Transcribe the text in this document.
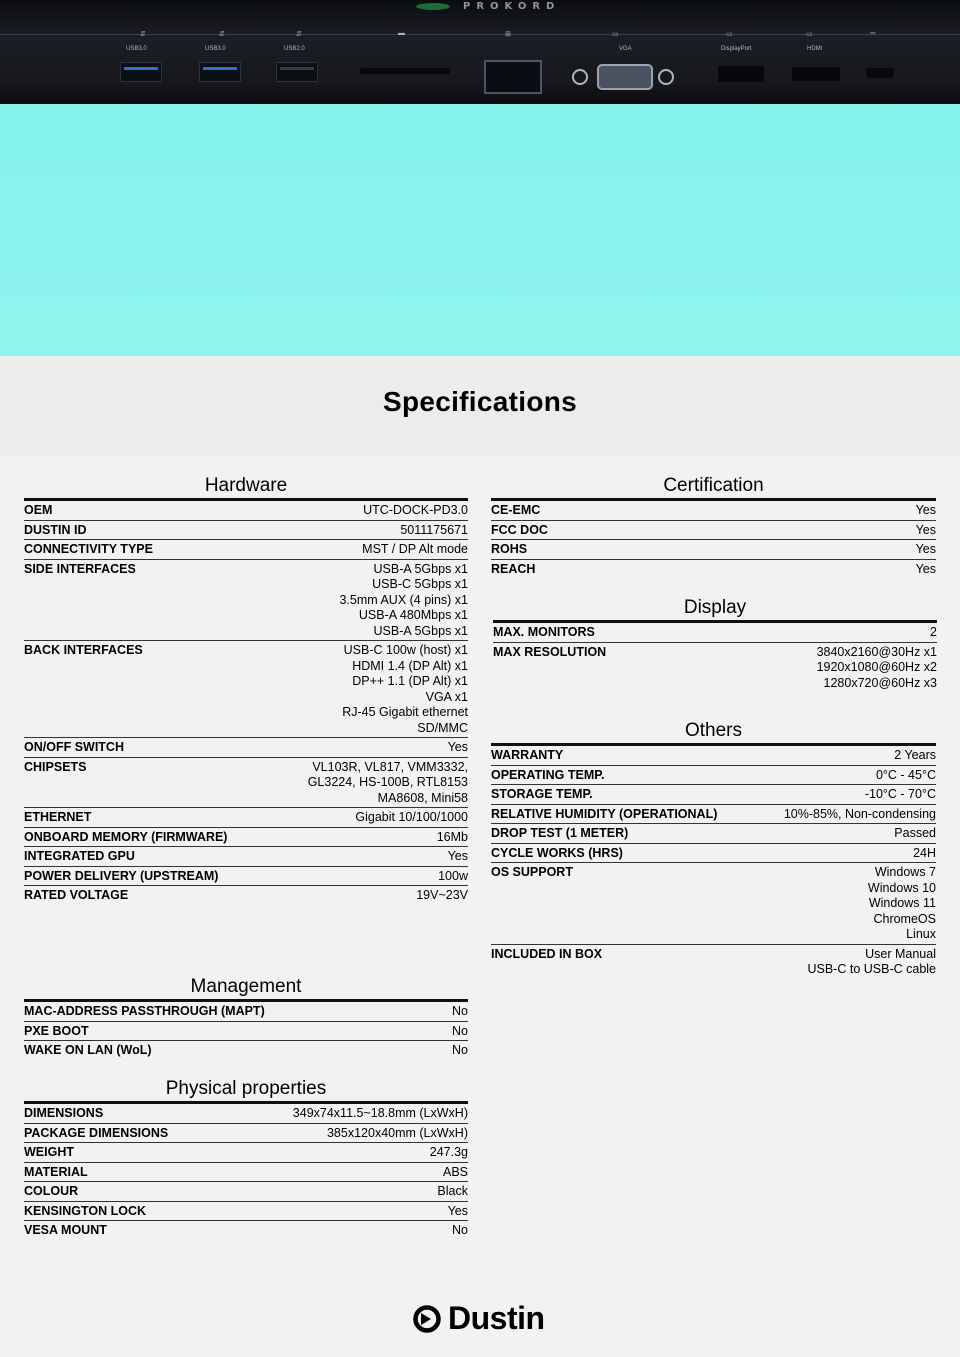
PROKORD
⇵	⇵	⇵	▬	⊞	▭	▭	▭	⎓
USB3.0	USB3.0	USB2.0	VGA	DisplayPort	HDMI
Specifications
Hardware
OEM	UTC-DOCK-PD3.0
DUSTIN ID	5011175671
CONNECTIVITY TYPE	MST / DP Alt mode
SIDE INTERFACES	USB-A 5Gbps x1
USB-C 5Gbps x1
3.5mm AUX (4 pins) x1
USB-A 480Mbps x1
USB-A 5Gbps x1
BACK INTERFACES	USB-C 100w (host) x1
HDMI 1.4 (DP Alt) x1
DP++ 1.1 (DP Alt) x1
VGA x1
RJ-45 Gigabit ethernet
SD/MMC
ON/OFF SWITCH	Yes
CHIPSETS	VL103R, VL817, VMM3332,
GL3224, HS-100B, RTL8153
MA8608, Mini58
ETHERNET	Gigabit 10/100/1000
ONBOARD MEMORY (FIRMWARE)	16Mb
INTEGRATED GPU	Yes
POWER DELIVERY (UPSTREAM)	100w
RATED VOLTAGE	19V~23V
Management
MAC-ADDRESS PASSTHROUGH (MAPT)	No
PXE BOOT	No
WAKE ON LAN (WoL)	No
Physical properties
DIMENSIONS	349x74x11.5~18.8mm (LxWxH)
PACKAGE DIMENSIONS	385x120x40mm (LxWxH)
WEIGHT	247.3g
MATERIAL	ABS
COLOUR	Black
KENSINGTON LOCK	Yes
VESA MOUNT	No
Certification
CE-EMC	Yes
FCC DOC	Yes
ROHS	Yes
REACH	Yes
Display
MAX. MONITORS	2
MAX RESOLUTION	3840x2160@30Hz x1
1920x1080@60Hz x2
1280x720@60Hz x3
Others
WARRANTY	2 Years
OPERATING TEMP.	0°C - 45°C
STORAGE TEMP.	-10°C - 70°C
RELATIVE HUMIDITY (OPERATIONAL)	10%-85%, Non-condensing
DROP TEST (1 METER)	Passed
CYCLE WORKS (HRS)	24H
OS SUPPORT	Windows 7
Windows 10
Windows 11
ChromeOS
Linux
INCLUDED IN BOX	User Manual
USB-C to USB-C cable
Dustin
